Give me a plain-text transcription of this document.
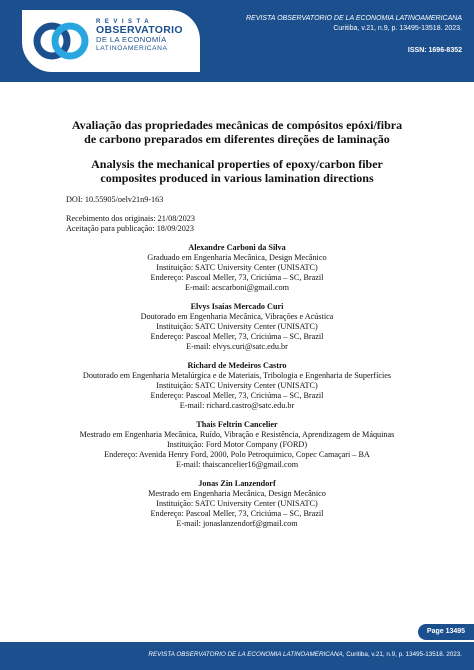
REVISTA
OBSERVATORIO
DE LA ECONOMÍA
LATINOAMERICANA
REVISTA OBSERVATORIO DE LA ECONOMIA LATINOAMERICANA
Curitiba, v.21, n.9, p. 13495-13518. 2023.
ISSN: 1696-8352

Avaliação das propriedades mecânicas de compósitos epóxi/fibra de carbono preparados em diferentes direções de laminação

Analysis the mechanical properties of epoxy/carbon fiber composites produced in various lamination directions

DOI: 10.55905/oelv21n9-163
Recebimento dos originais: 21/08/2023
Aceitação para publicação: 18/09/2023
Alexandre Carboni da Silva
Graduado em Engenharia Mecânica, Design Mecânico
Instituição: SATC University Center (UNISATC)
Endereço: Pascoal Meller, 73, Criciúma – SC, Brazil
E-mail: acscarboni@gmail.com
Elvys Isaías Mercado Curi
Doutorado em Engenharia Mecânica, Vibrações e Acústica
Instituição: SATC University Center (UNISATC)
Endereço: Pascoal Meller, 73, Criciúma – SC, Brazil
E-mail: elvys.curi@satc.edu.br
Richard de Medeiros Castro
Doutorado em Engenharia Metalúrgica e de Materiais, Tribologia e Engenharia de Superfícies
Instituição: SATC University Center (UNISATC)
Endereço: Pascoal Meller, 73, Criciúma – SC, Brazil
E-mail: richard.castro@satc.edu.br
Thais Feltrin Cancelier
Mestrado em Engenharia Mecânica, Ruído, Vibração e Resistência, Aprendizagem de Máquinas
Instituição: Ford Motor Company (FORD)
Endereço: Avenida Henry Ford, 2000, Polo Petroquimico, Copec Camaçari – BA
E-mail: thaiscancelier16@gmail.com
Jonas Zin Lanzendorf
Mestrado em Engenharia Mecânica, Design Mecânico
Instituição: SATC University Center (UNISATC)
Endereço: Pascoal Meller, 73, Criciúma – SC, Brazil
E-mail: jonaslanzendorf@gmail.com
Page 13495
REVISTA OBSERVATORIO DE LA ECONOMIA LATINOAMERICANA, Curitiba, v.21, n.9, p. 13495-13518. 2023.
